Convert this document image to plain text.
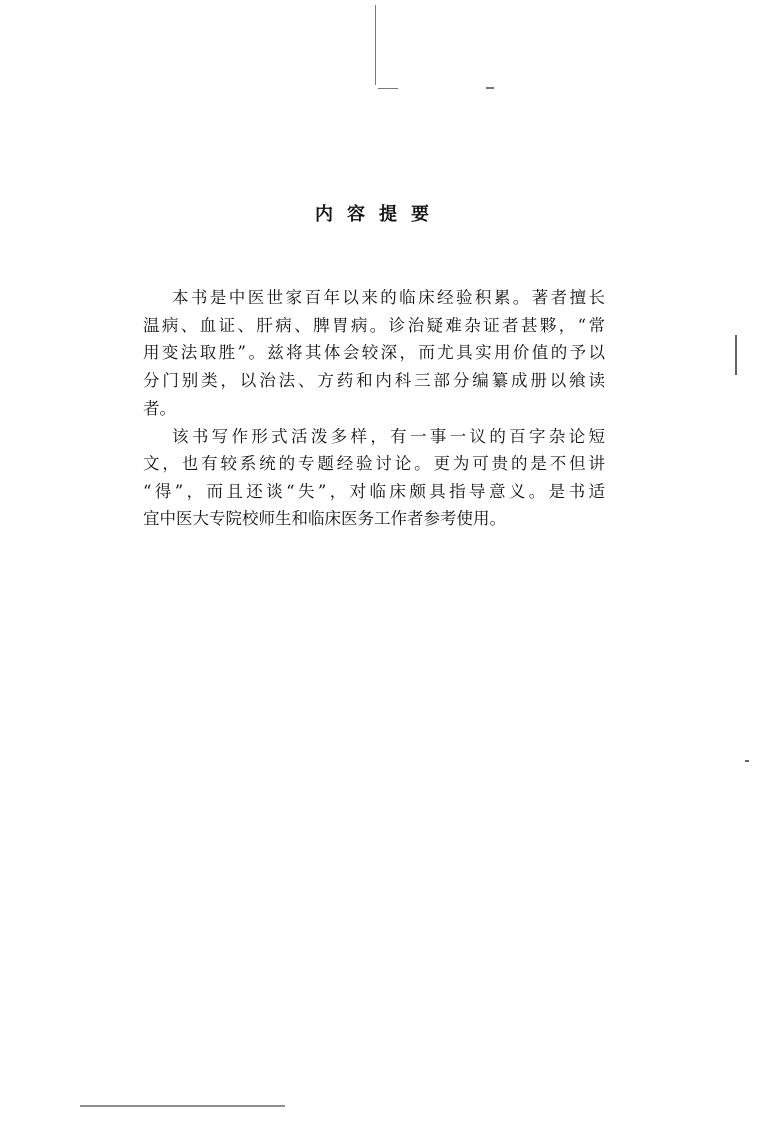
内容提要
本书是中医世家百年以来的临床经验积累。著者擅长
温病、血证、肝病、脾胃病。诊治疑难杂证者甚夥，“常
用变法取胜”。兹将其体会较深，而尤具实用价值的予以
分门别类，以治法、方药和内科三部分编纂成册以飨读
者。
该书写作形式活泼多样，有一事一议的百字杂论短
文，也有较系统的专题经验讨论。更为可贵的是不但讲
“得”，而且还谈“失”，对临床颇具指导意义。是书适
宜中医大专院校师生和临床医务工作者参考使用。
